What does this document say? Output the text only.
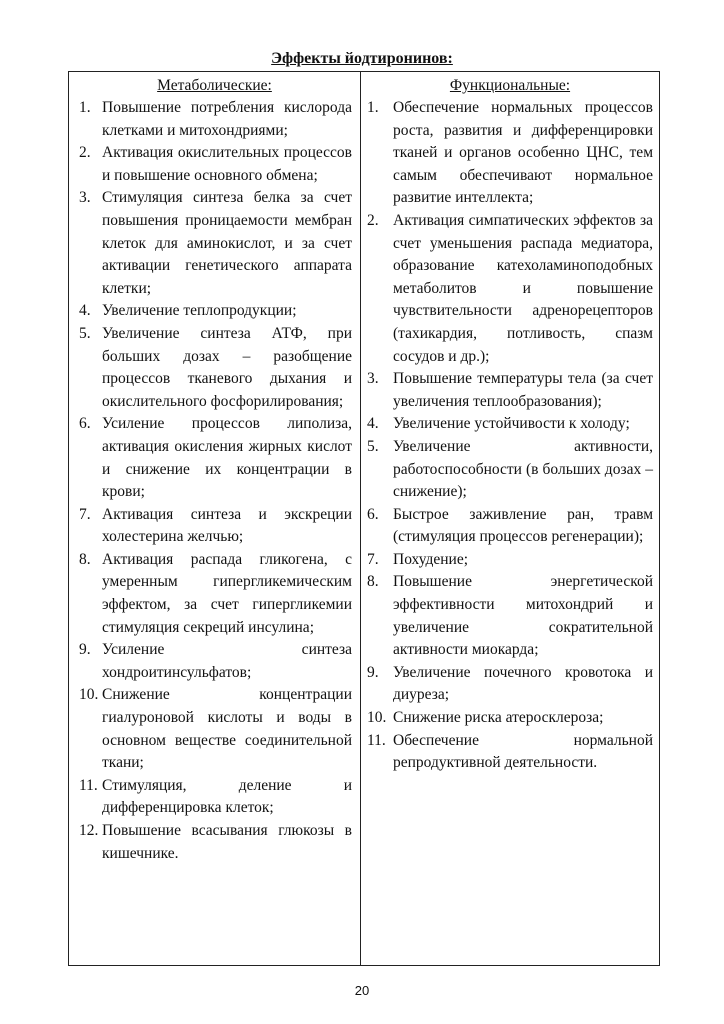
Эффекты йодтиронинов:
Метаболические:
1. Повышение потребления кислорода клетками и митохондриями;
2. Активация окислительных процессов и повышение основного обмена;
3. Стимуляция синтеза белка за счет повышения проницаемости мембран клеток для аминокислот, и за счет активации генетического аппарата клетки;
4. Увеличение теплопродукции;
5. Увеличение синтеза АТФ, при больших дозах – разобщение процессов тканевого дыхания и окислительного фосфорилирования;
6. Усиление процессов липолиза, активация окисления жирных кислот и снижение их концентрации в крови;
7. Активация синтеза и экскреции холестерина желчью;
8. Активация распада гликогена, с умеренным гипергликемическим эффектом, за счет гипергликемии стимуляция секреций инсулина;
9. Усиление синтеза хондроитинсульфатов;
10. Снижение концентрации гиалуроновой кислоты и воды в основном веществе соединительной ткани;
11. Стимуляция, деление и дифференцировка клеток;
12. Повышение всасывания глюкозы в кишечнике.
Функциональные:
1. Обеспечение нормальных процессов роста, развития и дифференцировки тканей и органов особенно ЦНС, тем самым обеспечивают нормальное развитие интеллекта;
2. Активация симпатических эффектов за счет уменьшения распада медиатора, образование катехоламиноподобных метаболитов и повышение чувствительности адренорецепторов (тахикардия, потливость, спазм сосудов и др.);
3. Повышение температуры тела (за счет увеличения теплообразования);
4. Увеличение устойчивости к холоду;
5. Увеличение активности, работоспособности (в больших дозах – снижение);
6. Быстрое заживление ран, травм (стимуляция процессов регенерации);
7. Похудение;
8. Повышение энергетической эффективности митохондрий и увеличение сократительной активности миокарда;
9. Увеличение почечного кровотока и диуреза;
10. Снижение риска атеросклероза;
11. Обеспечение нормальной репродуктивной деятельности.
20
